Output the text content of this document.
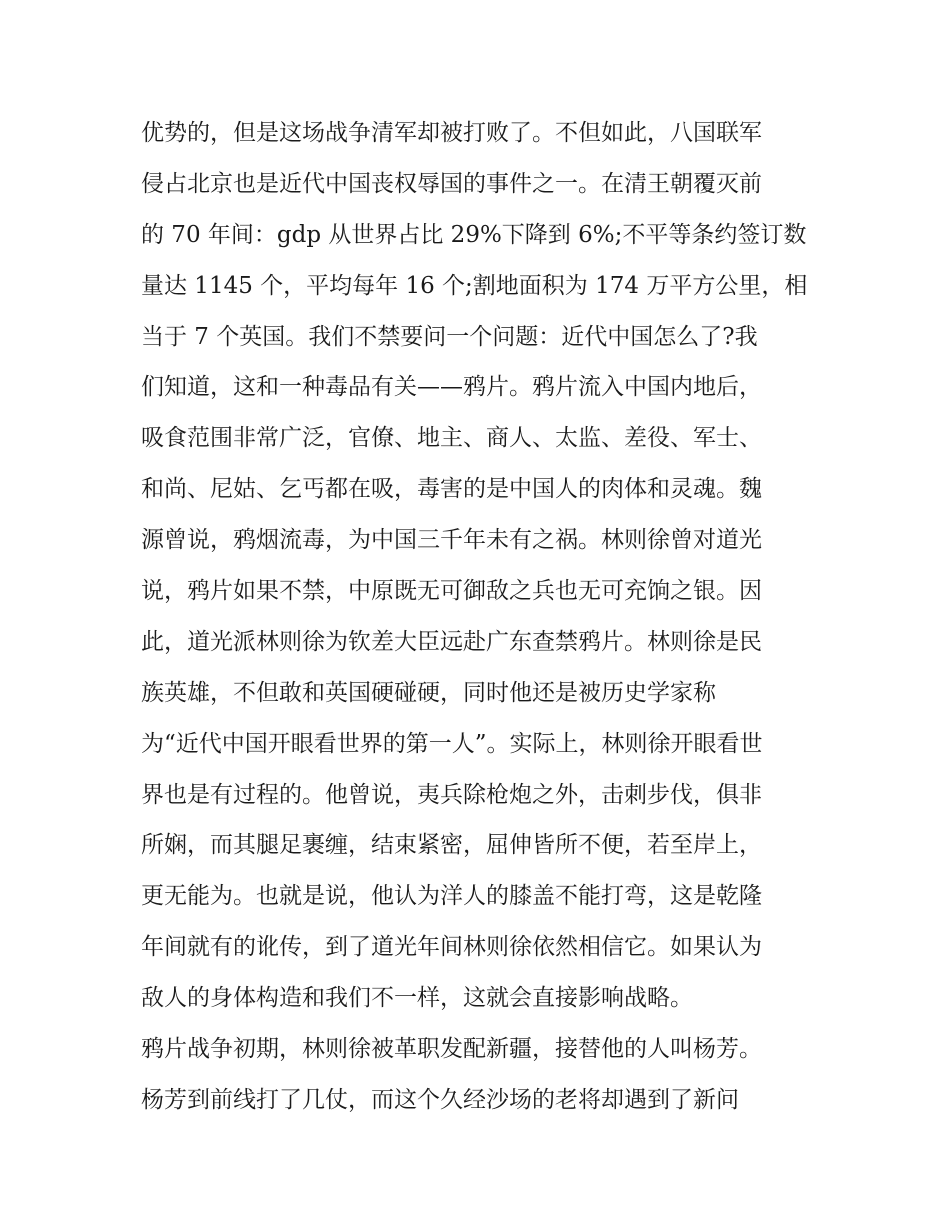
优势的，但是这场战争清军却被打败了。不但如此，八国联军
侵占北京也是近代中国丧权辱国的事件之一。在清王朝覆灭前
的 70 年间：gdp 从世界占比 29%下降到 6%;不平等条约签订数
量达 1145 个，平均每年 16 个;割地面积为 174 万平方公里，相
当于 7 个英国。我们不禁要问一个问题：近代中国怎么了?我
们知道，这和一种毒品有关——鸦片。鸦片流入中国内地后，
吸食范围非常广泛，官僚、地主、商人、太监、差役、军士、
和尚、尼姑、乞丐都在吸，毒害的是中国人的肉体和灵魂。魏
源曾说，鸦烟流毒，为中国三千年未有之祸。林则徐曾对道光
说，鸦片如果不禁，中原既无可御敌之兵也无可充饷之银。因
此，道光派林则徐为钦差大臣远赴广东查禁鸦片。林则徐是民
族英雄，不但敢和英国硬碰硬，同时他还是被历史学家称
为“近代中国开眼看世界的第一人”。实际上，林则徐开眼看世
界也是有过程的。他曾说，夷兵除枪炮之外，击刺步伐，俱非
所娴，而其腿足裹缠，结束紧密，屈伸皆所不便，若至岸上，
更无能为。也就是说，他认为洋人的膝盖不能打弯，这是乾隆
年间就有的讹传，到了道光年间林则徐依然相信它。如果认为
敌人的身体构造和我们不一样，这就会直接影响战略。
鸦片战争初期，林则徐被革职发配新疆，接替他的人叫杨芳。
杨芳到前线打了几仗，而这个久经沙场的老将却遇到了新问
